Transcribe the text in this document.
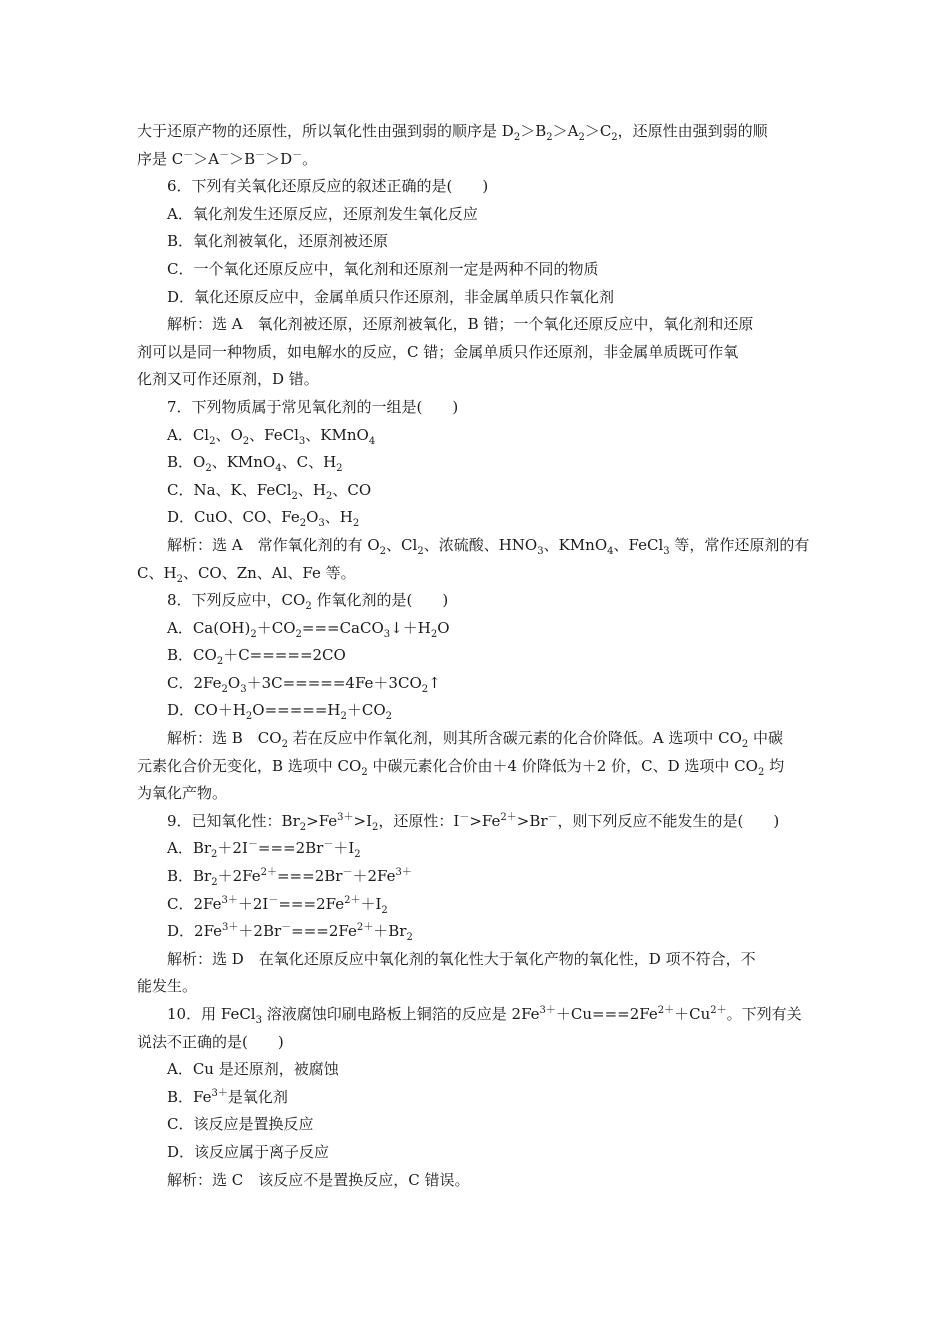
大于还原产物的还原性，所以氧化性由强到弱的顺序是 $D_2>B_2>A_2>C_2$，还原性由强到弱的顺
序是 C－＞A－＞B－＞D－。
6．下列有关氧化还原反应的叙述正确的是(　　)
A．氧化剂发生还原反应，还原剂发生氧化反应
B．氧化剂被氧化，还原剂被还原
C．一个氧化还原反应中，氧化剂和还原剂一定是两种不同的物质
D．氧化还原反应中，金属单质只作还原剂，非金属单质只作氧化剂
解析：选 A　氧化剂被还原，还原剂被氧化，B 错；一个氧化还原反应中，氧化剂和还原
剂可以是同一种物质，如电解水的反应，C 错；金属单质只作还原剂，非金属单质既可作氧
化剂又可作还原剂，D 错。
7．下列物质属于常见氧化剂的一组是(　　)
A．$Cl_2$、$O_2$、FeCl$_3$、KMnO$_4$
B．$O_2$、KMnO$_4$、C、$H_2$
C．Na、K、FeCl$_2$、$H_2$、CO
D．CuO、CO、$Fe_2O_3$、$H_2$
解析：选 A　常作氧化剂的有 $O_2$、$Cl_2$、浓硫酸、$HNO_3$、KMnO$_4$、FeCl$_3$ 等，常作还原剂的有
C、$H_2$、CO、Zn、Al、Fe 等。
8．下列反应中，$CO_2$ 作氧化剂的是(　　)
A．$Ca(OH)_2+CO_2===CaCO_3↓+H_2O$
B．$CO_2+C=====2CO$
C．$2Fe_2O_3+3C=====4Fe+3CO_2↑$
D．$CO+H_2O=====H_2+CO_2$
解析：选 B　$CO_2$ 若在反应中作氧化剂，则其所含碳元素的化合价降低。A 选项中 $CO_2$ 中碳
元素化合价无变化，B 选项中 $CO_2$ 中碳元素化合价由＋4 价降低为＋2 价，C、D 选项中 $CO_2$ 均
为氧化产物。
9．已知氧化性：$Br_2>Fe^{3+}>I_2$，还原性：$I^->Fe^{2+}>Br^-$，则下列反应不能发生的是(　　)
A．$Br_2+2I^-===2Br^-+I_2$
B．$Br_2+2Fe^{2+}===2Br^-+2Fe^{3+}$
C．$2Fe^{3+}+2I^-===2Fe^{2+}+I_2$
D．$2Fe^{3+}+2Br^-===2Fe^{2+}+Br_2$
解析：选 D　在氧化还原反应中氧化剂的氧化性大于氧化产物的氧化性，D 项不符合，不
能发生。
10．用 FeCl$_3$ 溶液腐蚀印刷电路板上铜箔的反应是 $2Fe^{3+}+Cu===2Fe^{2+}+Cu^{2+}$。下列有关
说法不正确的是(　　)
A．Cu 是还原剂，被腐蚀
B．$Fe^{3+}$是氧化剂
C．该反应是置换反应
D．该反应属于离子反应
解析：选 C　该反应不是置换反应，C 错误。
